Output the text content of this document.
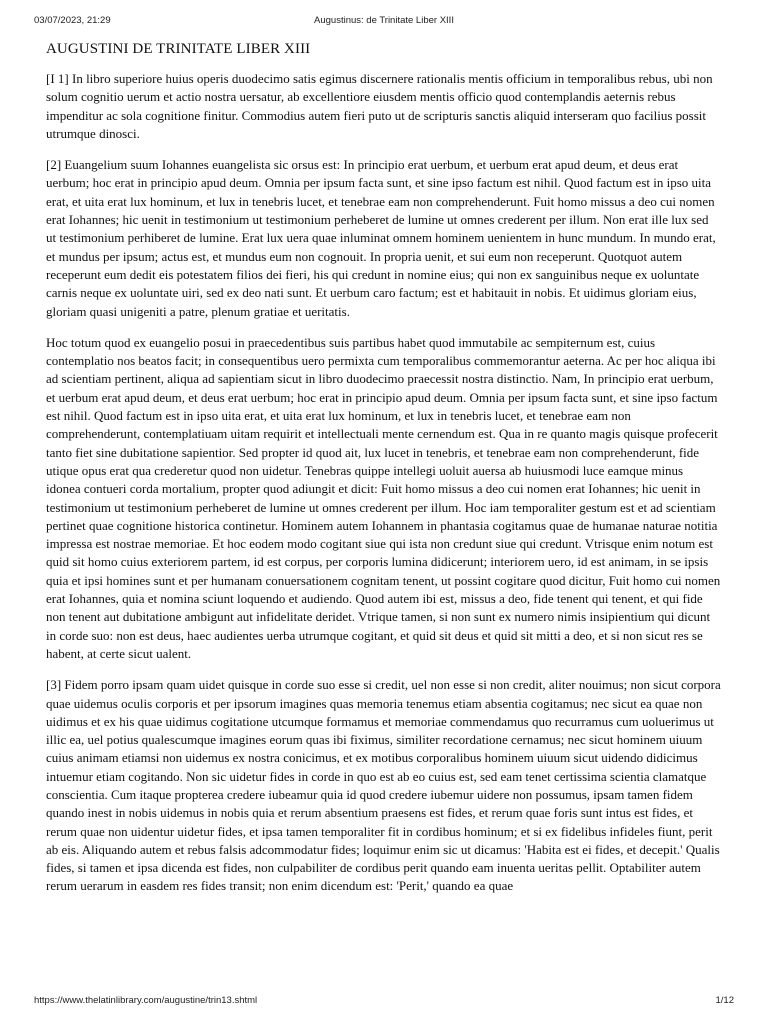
03/07/2023, 21:29	Augustinus: de Trinitate Liber XIII
AUGUSTINI DE TRINITATE LIBER XIII

[I 1] In libro superiore huius operis duodecimo satis egimus discernere rationalis mentis officium in temporalibus rebus, ubi non solum cognitio uerum et actio nostra uersatur, ab excellentiore eiusdem mentis officio quod contemplandis aeternis rebus impenditur ac sola cognitione finitur. Commodius autem fieri puto ut de scripturis sanctis aliquid interseram quo facilius possit utrumque dinosci.

[2] Euangelium suum Iohannes euangelista sic orsus est: In principio erat uerbum, et uerbum erat apud deum, et deus erat uerbum; hoc erat in principio apud deum. Omnia per ipsum facta sunt, et sine ipso factum est nihil. Quod factum est in ipso uita erat, et uita erat lux hominum, et lux in tenebris lucet, et tenebrae eam non comprehenderunt. Fuit homo missus a deo cui nomen erat Iohannes; hic uenit in testimonium ut testimonium perheberet de lumine ut omnes crederent per illum. Non erat ille lux sed ut testimonium perhiberet de lumine. Erat lux uera quae inluminat omnem hominem uenientem in hunc mundum. In mundo erat, et mundus per ipsum; actus est, et mundus eum non cognouit. In propria uenit, et sui eum non receperunt. Quotquot autem receperunt eum dedit eis potestatem filios dei fieri, his qui credunt in nomine eius; qui non ex sanguinibus neque ex uoluntate carnis neque ex uoluntate uiri, sed ex deo nati sunt. Et uerbum caro factum; est et habitauit in nobis. Et uidimus gloriam eius, gloriam quasi unigeniti a patre, plenum gratiae et ueritatis.

Hoc totum quod ex euangelio posui in praecedentibus suis partibus habet quod immutabile ac sempiternum est, cuius contemplatio nos beatos facit; in consequentibus uero permixta cum temporalibus commemorantur aeterna. Ac per hoc aliqua ibi ad scientiam pertinent, aliqua ad sapientiam sicut in libro duodecimo praecessit nostra distinctio. Nam, In principio erat uerbum, et uerbum erat apud deum, et deus erat uerbum; hoc erat in principio apud deum. Omnia per ipsum facta sunt, et sine ipso factum est nihil. Quod factum est in ipso uita erat, et uita erat lux hominum, et lux in tenebris lucet, et tenebrae eam non comprehenderunt, contemplatiuam uitam requirit et intellectuali mente cernendum est. Qua in re quanto magis quisque profecerit tanto fiet sine dubitatione sapientior. Sed propter id quod ait, lux lucet in tenebris, et tenebrae eam non comprehenderunt, fide utique opus erat qua crederetur quod non uidetur. Tenebras quippe intellegi uoluit auersa ab huiusmodi luce eamque minus idonea contueri corda mortalium, propter quod adiungit et dicit: Fuit homo missus a deo cui nomen erat Iohannes; hic uenit in testimonium ut testimonium perheberet de lumine ut omnes crederent per illum. Hoc iam temporaliter gestum est et ad scientiam pertinet quae cognitione historica continetur. Hominem autem Iohannem in phantasia cogitamus quae de humanae naturae notitia impressa est nostrae memoriae. Et hoc eodem modo cogitant siue qui ista non credunt siue qui credunt. Vtrisque enim notum est quid sit homo cuius exteriorem partem, id est corpus, per corporis lumina didicerunt; interiorem uero, id est animam, in se ipsis quia et ipsi homines sunt et per humanam conuersationem cognitam tenent, ut possint cogitare quod dicitur, Fuit homo cui nomen erat Iohannes, quia et nomina sciunt loquendo et audiendo. Quod autem ibi est, missus a deo, fide tenent qui tenent, et qui fide non tenent aut dubitatione ambigunt aut infidelitate deridet. Vtrique tamen, si non sunt ex numero nimis insipientium qui dicunt in corde suo: non est deus, haec audientes uerba utrumque cogitant, et quid sit deus et quid sit mitti a deo, et si non sicut res se habent, at certe sicut ualent.

[3] Fidem porro ipsam quam uidet quisque in corde suo esse si credit, uel non esse si non credit, aliter nouimus; non sicut corpora quae uidemus oculis corporis et per ipsorum imagines quas memoria tenemus etiam absentia cogitamus; nec sicut ea quae non uidimus et ex his quae uidimus cogitatione utcumque formamus et memoriae commendamus quo recurramus cum uoluerimus ut illic ea, uel potius qualescumque imagines eorum quas ibi fiximus, similiter recordatione cernamus; nec sicut hominem uiuum cuius animam etiamsi non uidemus ex nostra conicimus, et ex motibus corporalibus hominem uiuum sicut uidendo didicimus intuemur etiam cogitando. Non sic uidetur fides in corde in quo est ab eo cuius est, sed eam tenet certissima scientia clamatque conscientia. Cum itaque propterea credere iubeamur quia id quod credere iubemur uidere non possumus, ipsam tamen fidem quando inest in nobis uidemus in nobis quia et rerum absentium praesens est fides, et rerum quae foris sunt intus est fides, et rerum quae non uidentur uidetur fides, et ipsa tamen temporaliter fit in cordibus hominum; et si ex fidelibus infideles fiunt, perit ab eis. Aliquando autem et rebus falsis adcommodatur fides; loquimur enim sic ut dicamus: 'Habita est ei fides, et decepit.' Qualis fides, si tamen et ipsa dicenda est fides, non culpabiliter de cordibus perit quando eam inuenta ueritas pellit. Optabiliter autem rerum uerarum in easdem res fides transit; non enim dicendum est: 'Perit,' quando ea quae

https://www.thelatinlibrary.com/augustine/trin13.shtml	1/12
